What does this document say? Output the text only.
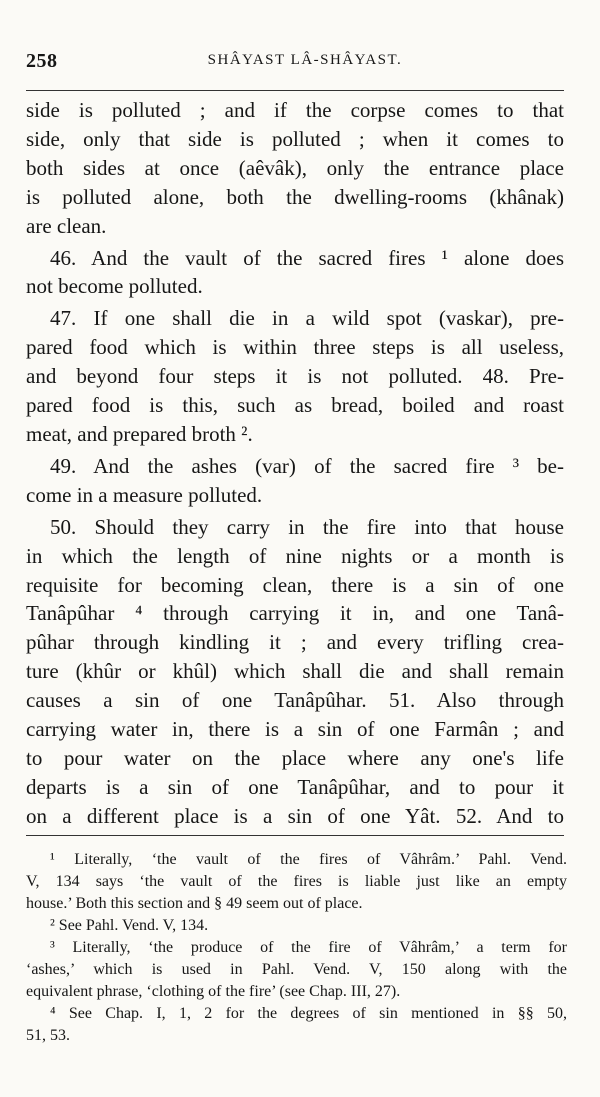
258	SHÂYAST LÂ-SHÂYAST.
side is polluted ; and if the corpse comes to that
side, only that side is polluted ; when it comes to
both sides at once (aêvâk), only the entrance place
is polluted alone, both the dwelling-rooms (khânak)
are clean.
46. And the vault of the sacred fires ¹ alone does
not become polluted.
47. If one shall die in a wild spot (vaskar), pre-
pared food which is within three steps is all useless,
and beyond four steps it is not polluted. 48. Pre-
pared food is this, such as bread, boiled and roast
meat, and prepared broth ².
49. And the ashes (var) of the sacred fire ³ be-
come in a measure polluted.
50. Should they carry in the fire into that house
in which the length of nine nights or a month is
requisite for becoming clean, there is a sin of one
Tanâpûhar ⁴ through carrying it in, and one Tanâ-
pûhar through kindling it ; and every trifling crea-
ture (khûr or khûl) which shall die and shall remain
causes a sin of one Tanâpûhar. 51. Also through
carrying water in, there is a sin of one Farmân ; and
to pour water on the place where any one's life
departs is a sin of one Tanâpûhar, and to pour it
on a different place is a sin of one Yât. 52. And to
¹ Literally, ‘the vault of the fires of Vâhrâm.’ Pahl. Vend.
V, 134 says ‘the vault of the fires is liable just like an empty
house.’ Both this section and § 49 seem out of place.
² See Pahl. Vend. V, 134.
³ Literally, ‘the produce of the fire of Vâhrâm,’ a term for
‘ashes,’ which is used in Pahl. Vend. V, 150 along with the
equivalent phrase, ‘clothing of the fire’ (see Chap. III, 27).
⁴ See Chap. I, 1, 2 for the degrees of sin mentioned in §§ 50,
51, 53.
